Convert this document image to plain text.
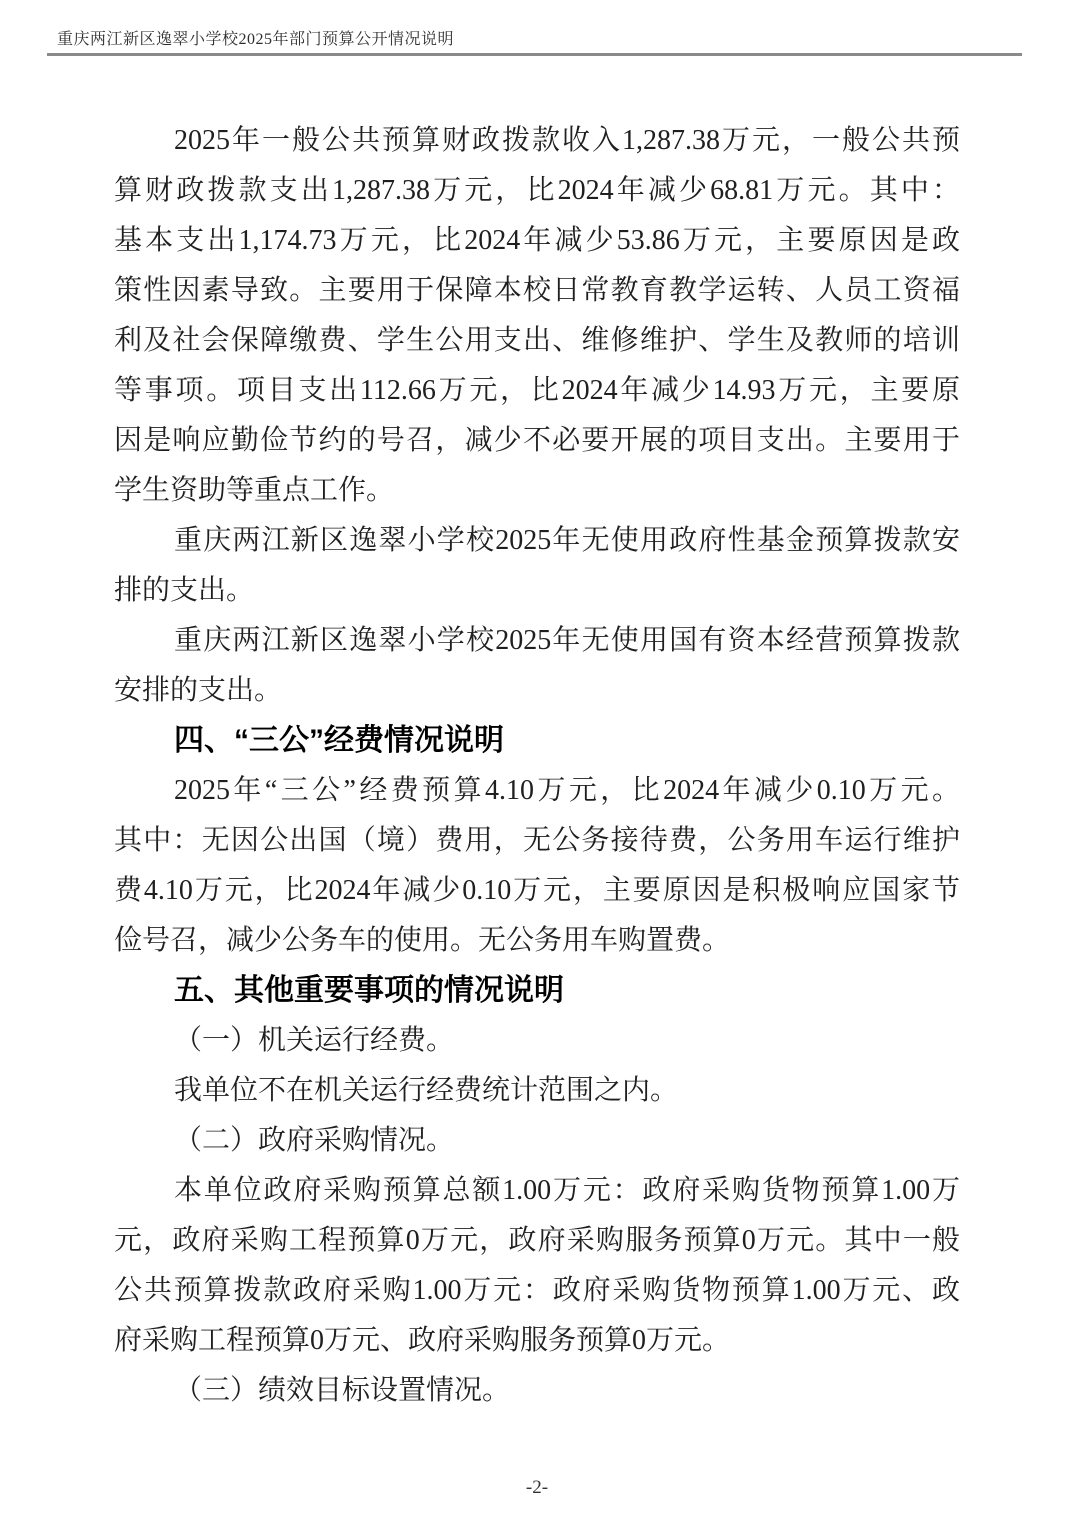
重庆两江新区逸翠小学校2025年部门预算公开情况说明
2025年一般公共预算财政拨款收入1,287.38万元，一般公共预
算财政拨款支出1,287.38万元，比2024年减少68.81万元。其中：
基本支出1,174.73万元，比2024年减少53.86万元，主要原因是政
策性因素导致。主要用于保障本校日常教育教学运转、人员工资福
利及社会保障缴费、学生公用支出、维修维护、学生及教师的培训
等事项。项目支出112.66万元，比2024年减少14.93万元，主要原
因是响应勤俭节约的号召，减少不必要开展的项目支出。主要用于
学生资助等重点工作。
重庆两江新区逸翠小学校2025年无使用政府性基金预算拨款安
排的支出。
重庆两江新区逸翠小学校2025年无使用国有资本经营预算拨款
安排的支出。
四、“三公”经费情况说明
2025年“三公”经费预算4.10万元，比2024年减少0.10万元。
其中：无因公出国（境）费用，无公务接待费，公务用车运行维护
费4.10万元，比2024年减少0.10万元，主要原因是积极响应国家节
俭号召，减少公务车的使用。无公务用车购置费。
五、其他重要事项的情况说明
（一）机关运行经费。
我单位不在机关运行经费统计范围之内。
（二）政府采购情况。
本单位政府采购预算总额1.00万元：政府采购货物预算1.00万
元，政府采购工程预算0万元，政府采购服务预算0万元。其中一般
公共预算拨款政府采购1.00万元：政府采购货物预算1.00万元、政
府采购工程预算0万元、政府采购服务预算0万元。
（三）绩效目标设置情况。
-2-
